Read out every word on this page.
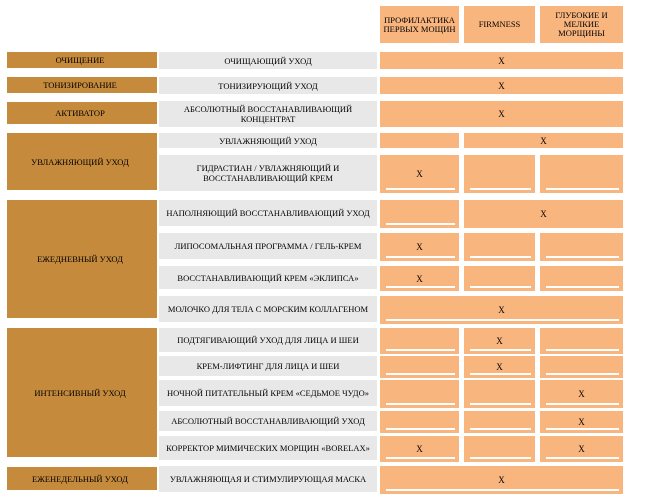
ПРОФИЛАКТИКА ПЕРВЫХ МОЩИН	FIRMNESS
ГЛУБОКИЕ И МЕЛКИЕ МОРЩИНЫ
ОЧИЩЕНИЕ
ТОНИЗИРОВАНИЕ
АКТИВАТОР
УВЛАЖНЯЮЩИЙ УХОД
ЕЖЕДНЕВНЫЙ УХОД
ИНТЕНСИВНЫЙ УХОД
ЕЖЕНЕДЕЛЬНЫЙ УХОД
ОЧИЩАЮЩИЙ УХОД
ТОНИЗИРУЮЩИЙ УХОД
АБСОЛЮТНЫЙ ВОССТАНАВЛИВАЮЩИЙ КОНЦЕНТРАТ
УВЛАЖНЯЮЩИЙ УХОД
ГИДРАСТИАН / УВЛАЖНЯЮЩИЙ И ВОССТАНАВЛИВАЮЩИЙ КРЕМ
НАПОЛНЯЮЩИЙ ВОССТАНАВЛИВАЮЩИЙ УХОД
ЛИПОСОМАЛЬНАЯ ПРОГРАММА / ГЕЛЬ-КРЕМ
ВОССТАНАВЛИВАЮЩИЙ КРЕМ «ЭКЛИПСА»
МОЛОЧКО ДЛЯ ТЕЛА С МОРСКИМ КОЛЛАГЕНОМ
ПОДТЯГИВАЮЩИЙ УХОД ДЛЯ ЛИЦА И ШЕИ
КРЕМ-ЛИФТИНГ ДЛЯ ЛИЦА И ШЕИ
НОЧНОЙ ПИТАТЕЛЬНЫЙ КРЕМ «СЕДЬМОЕ ЧУДО»
АБСОЛЮТНЫЙ ВОССТАНАВЛИВАЮЩИЙ УХОД
КОРРЕКТОР МИМИЧЕСКИХ МОРЩИН «BORELAX»
УВЛАЖНЯЮЩАЯ И СТИМУЛИРУЮЩАЯ МАСКА
X
X
X
X
X
X
X
X
X
X
X
X
X
X	X
X
